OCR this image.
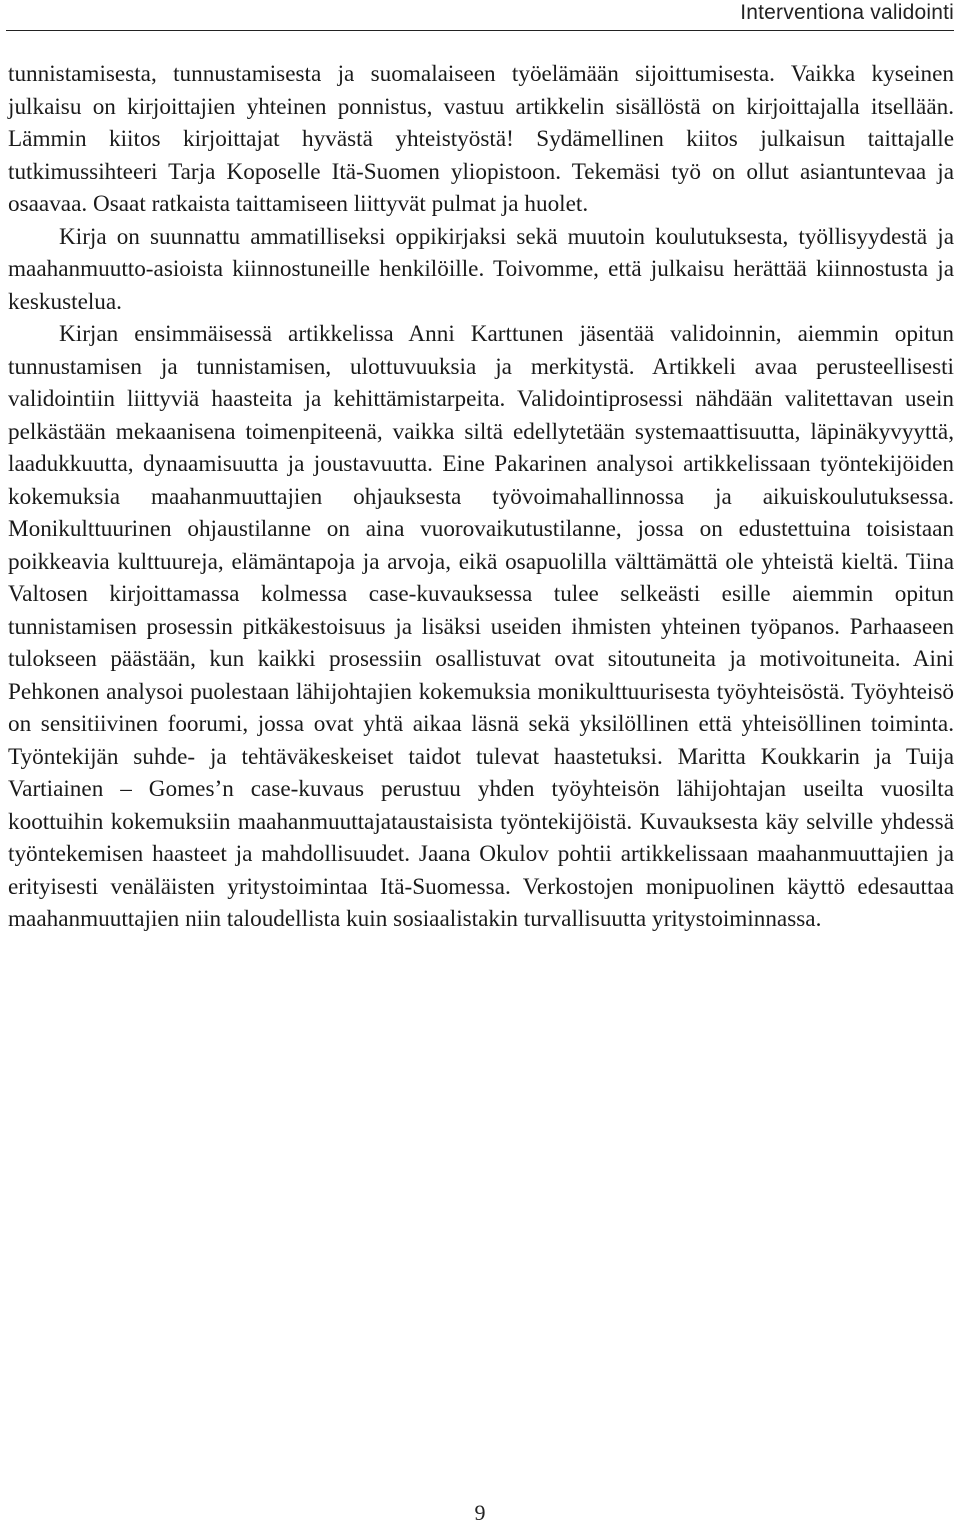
Interventiona validointi

tunnistamisesta, tunnustamisesta ja suomalaiseen työelämään sijoittumisesta. Vaikka kyseinen julkaisu on kirjoittajien yhteinen ponnistus, vastuu artikkelin sisällöstä on kirjoittajalla itsellään. Lämmin kiitos kirjoittajat hyvästä yhteistyöstä! Sydämellinen kiitos julkaisun taittajalle tutkimussihteeri Tarja Koposelle Itä-Suomen yliopistoon. Tekemäsi työ on ollut asiantuntevaa ja osaavaa. Osaat ratkaista taittamiseen liittyvät pulmat ja huolet.

Kirja on suunnattu ammatilliseksi oppikirjaksi sekä muutoin koulutuksesta, työllisyydestä ja maahanmuutto-asioista kiinnostuneille henkilöille. Toivomme, että julkaisu herättää kiinnostusta ja keskustelua.

Kirjan ensimmäisessä artikkelissa Anni Karttunen jäsentää validoinnin, aiemmin opitun tunnustamisen ja tunnistamisen, ulottuvuuksia ja merkitystä. Artikkeli avaa perusteellisesti validointiin liittyviä haasteita ja kehittämistarpeita. Validointiprosessi nähdään valitettavan usein pelkästään mekaanisena toimenpiteenä, vaikka siltä edellytetään systemaattisuutta, läpinäkyvyyttä, laadukkuutta, dynaamisuutta ja joustavuutta. Eine Pakarinen analysoi artikkelissaan työntekijöiden kokemuksia maahanmuuttajien ohjauksesta työvoimahallinnossa ja aikuiskoulutuksessa. Monikulttuurinen ohjaustilanne on aina vuorovaikutustilanne, jossa on edustettuina toisistaan poikkeavia kulttuureja, elämäntapoja ja arvoja, eikä osapuolilla välttämättä ole yhteistä kieltä. Tiina Valtosen kirjoittamassa kolmessa case-kuvauksessa tulee selkeästi esille aiemmin opitun tunnistamisen prosessin pitkäkestoisuus ja lisäksi useiden ihmisten yhteinen työpanos. Parhaaseen tulokseen päästään, kun kaikki prosessiin osallistuvat ovat sitoutuneita ja motivoituneita. Aini Pehkonen analysoi puolestaan lähijohtajien kokemuksia monikulttuurisesta työyhteisöstä. Työyhteisö on sensitiivinen foorumi, jossa ovat yhtä aikaa läsnä sekä yksilöllinen että yhteisöllinen toiminta. Työntekijän suhde- ja tehtäväkeskeiset taidot tulevat haastetuksi. Maritta Koukkarin ja Tuija Vartiainen – Gomes’n case-kuvaus perustuu yhden työyhteisön lähijohtajan useilta vuosilta koottuihin kokemuksiin maahanmuuttajataustaisista työntekijöistä. Kuvauksesta käy selville yhdessä työntekemisen haasteet ja mahdollisuudet. Jaana Okulov pohtii artikkelissaan maahanmuuttajien ja erityisesti venäläisten yritystoimintaa Itä-Suomessa. Verkostojen monipuolinen käyttö edesauttaa maahanmuuttajien niin taloudellista kuin sosiaalistakin turvallisuutta yritystoiminnassa.

9
